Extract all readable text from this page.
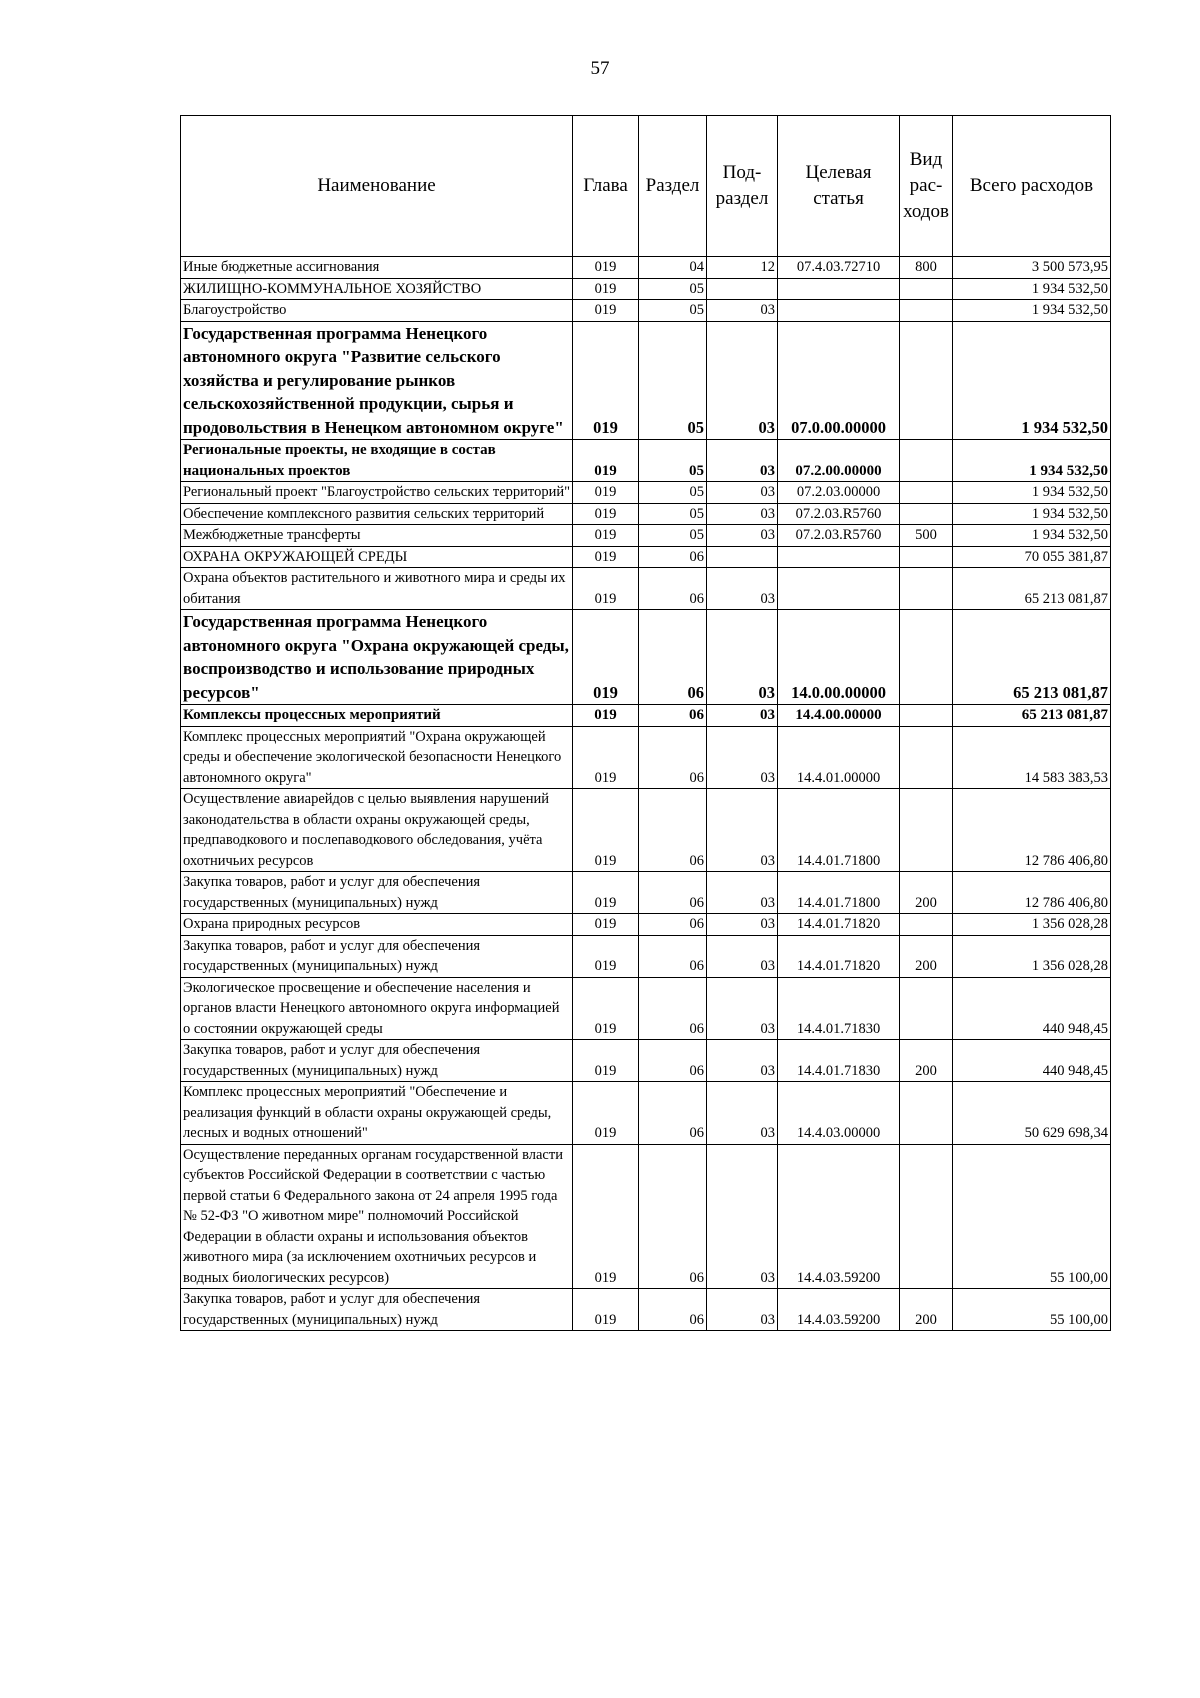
57
Наименование	Глава	Раздел	Под-раздел	Целевая статья	Вид рас-ходов	Всего расходов
Иные бюджетные ассигнования	019	04	12	07.4.03.72710	800	3 500 573,95
ЖИЛИЩНО-КОММУНАЛЬНОЕ ХОЗЯЙСТВО	019	05				1 934 532,50
Благоустройство	019	05	03			1 934 532,50
Государственная программа Ненецкого автономного округа "Развитие сельского хозяйства и регулирование рынков сельскохозяйственной продукции, сырья и продовольствия в Ненецком автономном округе"	019	05	03	07.0.00.00000		1 934 532,50
Региональные проекты, не входящие в состав национальных проектов	019	05	03	07.2.00.00000		1 934 532,50
Региональный проект "Благоустройство сельских территорий"	019	05	03	07.2.03.00000		1 934 532,50
Обеспечение комплексного развития сельских территорий	019	05	03	07.2.03.R5760		1 934 532,50
Межбюджетные трансферты	019	05	03	07.2.03.R5760	500	1 934 532,50
ОХРАНА ОКРУЖАЮЩЕЙ СРЕДЫ	019	06				70 055 381,87
Охрана объектов растительного и животного мира и среды их обитания	019	06	03			65 213 081,87
Государственная программа Ненецкого автономного округа "Охрана окружающей среды, воспроизводство и использование природных ресурсов"	019	06	03	14.0.00.00000		65 213 081,87
Комплексы процессных мероприятий	019	06	03	14.4.00.00000		65 213 081,87
Комплекс процессных мероприятий "Охрана окружающей среды и обеспечение экологической безопасности Ненецкого автономного округа"	019	06	03	14.4.01.00000		14 583 383,53
Осуществление авиарейдов с целью выявления нарушений законодательства в области охраны окружающей среды, предпаводкового и послепаводкового обследования, учёта охотничьих ресурсов	019	06	03	14.4.01.71800		12 786 406,80
Закупка товаров, работ и услуг для обеспечения государственных (муниципальных) нужд	019	06	03	14.4.01.71800	200	12 786 406,80
Охрана природных ресурсов	019	06	03	14.4.01.71820		1 356 028,28
Закупка товаров, работ и услуг для обеспечения государственных (муниципальных) нужд	019	06	03	14.4.01.71820	200	1 356 028,28
Экологическое просвещение и обеспечение населения и органов власти Ненецкого автономного округа информацией о состоянии окружающей среды	019	06	03	14.4.01.71830		440 948,45
Закупка товаров, работ и услуг для обеспечения государственных (муниципальных) нужд	019	06	03	14.4.01.71830	200	440 948,45
Комплекс процессных мероприятий "Обеспечение и реализация функций в области охраны окружающей среды, лесных и водных отношений"	019	06	03	14.4.03.00000		50 629 698,34
Осуществление переданных органам государственной власти субъектов Российской Федерации в соответствии с частью первой статьи 6 Федерального закона от 24 апреля 1995 года № 52-ФЗ "О животном мире" полномочий Российской Федерации в области охраны и использования объектов животного мира (за исключением охотничьих ресурсов и водных биологических ресурсов)	019	06	03	14.4.03.59200		55 100,00
Закупка товаров, работ и услуг для обеспечения государственных (муниципальных) нужд	019	06	03	14.4.03.59200	200	55 100,00
